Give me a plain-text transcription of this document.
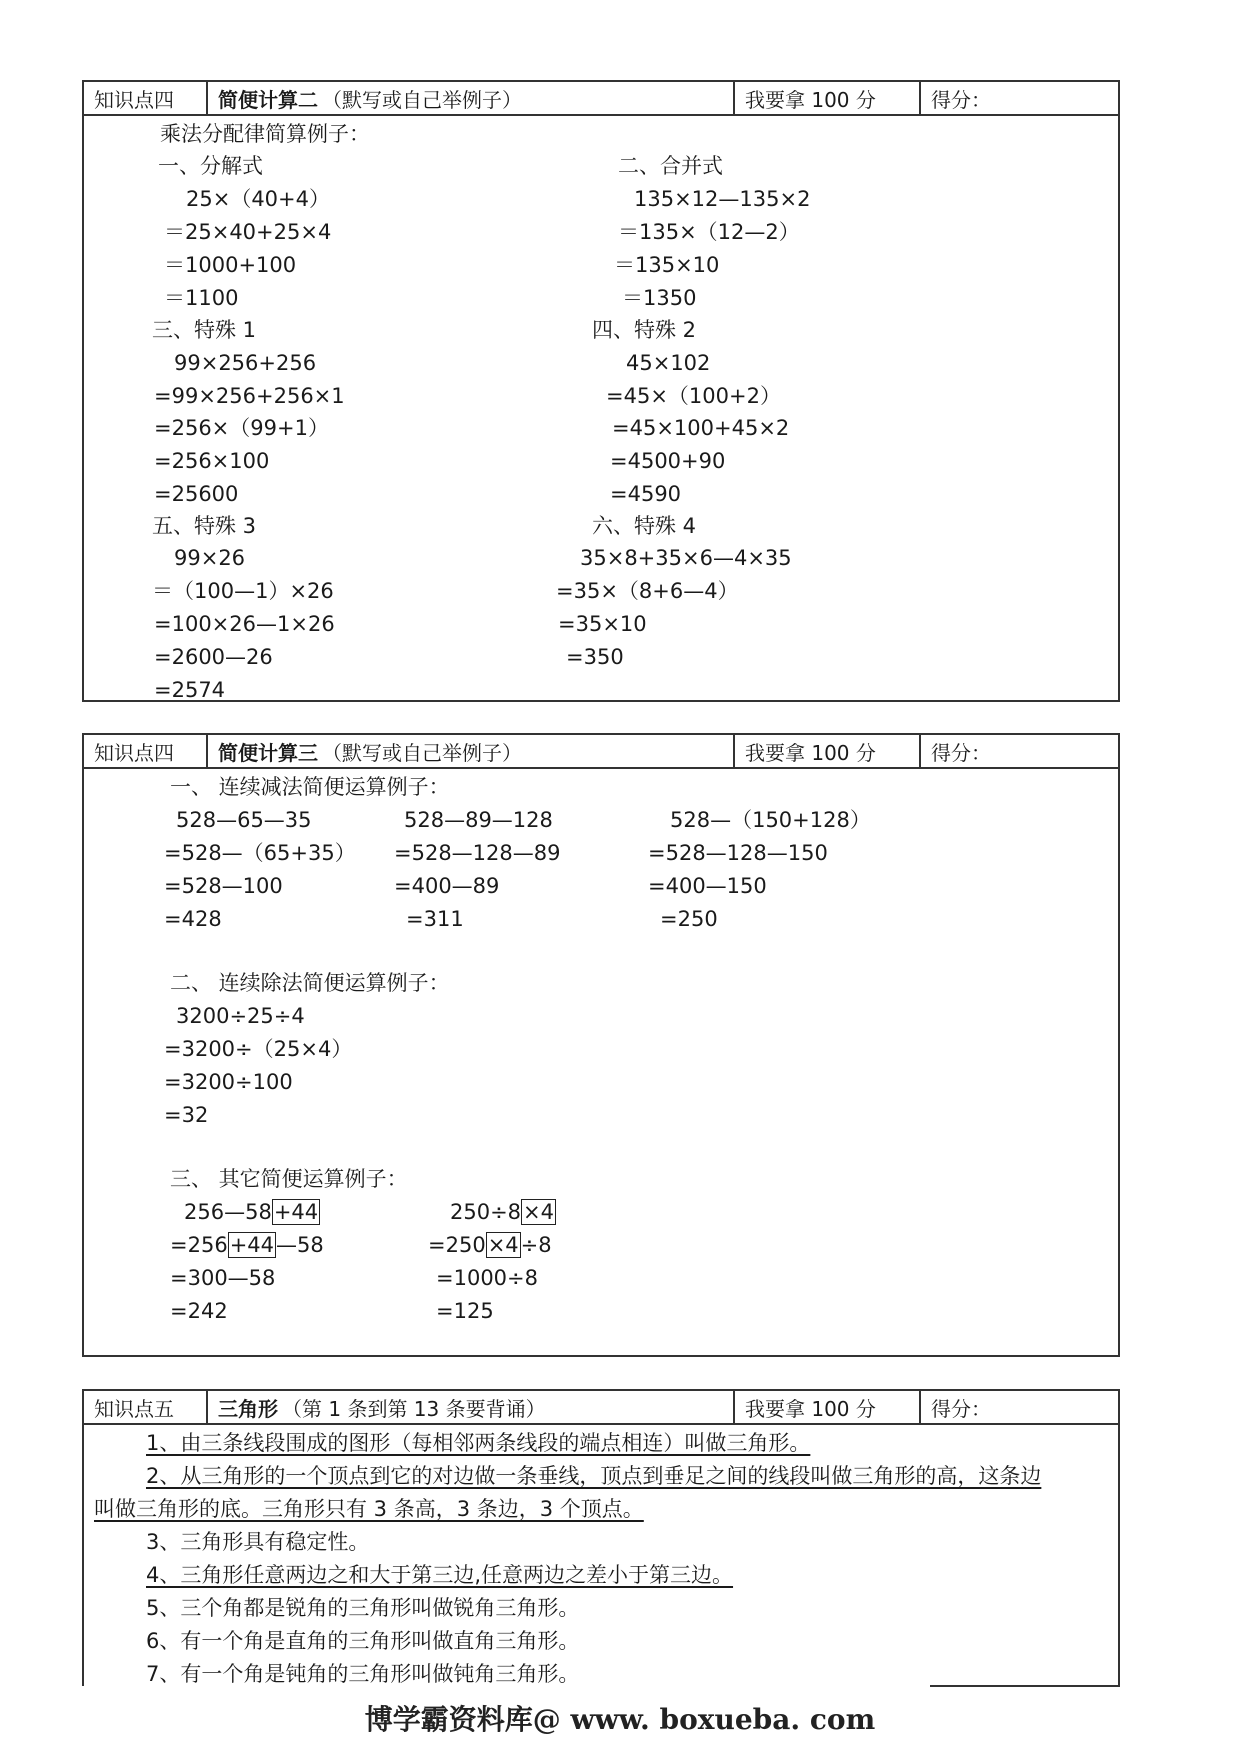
知识点四	简便计算二 （默写或自己举例子）	我要拿 100 分	得分：
乘法分配律简算例子：
一、分解式
25×（40+4）
＝25×40+25×4
＝1000+100
＝1100
二、合并式
135×12—135×2
＝135×（12—2）
＝135×10
＝1350
三、特殊 1
99×256+256
=99×256+256×1
=256×（99+1）
=256×100
=25600
四、特殊 2
45×102
=45×（100+2）
=45×100+45×2
=4500+90
=4590
五、特殊 3
99×26
＝（100—1）×26
=100×26—1×26
=2600—26
=2574
六、特殊 4
35×8+35×6—4×35
=35×（8+6—4）
=35×10
=350
知识点四	简便计算三 （默写或自己举例子）	我要拿 100 分	得分：
一、 连续减法简便运算例子：
528—65—35
=528—（65+35）
=528—100
=428
528—89—128
=528—128—89
=400—89
=311
528—（150+128）
=528—128—150
=400—150
=250
二、 连续除法简便运算例子：
3200÷25÷4
=3200÷（25×4）
=3200÷100
=32
三、 其它简便运算例子：
256—58+44
=256+44—58
=300—58
=242
250÷8×4
=250×4÷8
=1000÷8
=125
知识点五	三角形 （第 1 条到第 13 条要背诵）	我要拿 100 分	得分：
1、由三条线段围成的图形（每相邻两条线段的端点相连）叫做三角形。
2、从三角形的一个顶点到它的对边做一条垂线，顶点到垂足之间的线段叫做三角形的高，这条边
叫做三角形的底。三角形只有 3 条高，3 条边，3 个顶点。
3、三角形具有稳定性。
4、三角形任意两边之和大于第三边,任意两边之差小于第三边。
5、三个角都是锐角的三角形叫做锐角三角形。
6、有一个角是直角的三角形叫做直角三角形。
7、有一个角是钝角的三角形叫做钝角三角形。
博学霸资料库@ www. boxueba. com
